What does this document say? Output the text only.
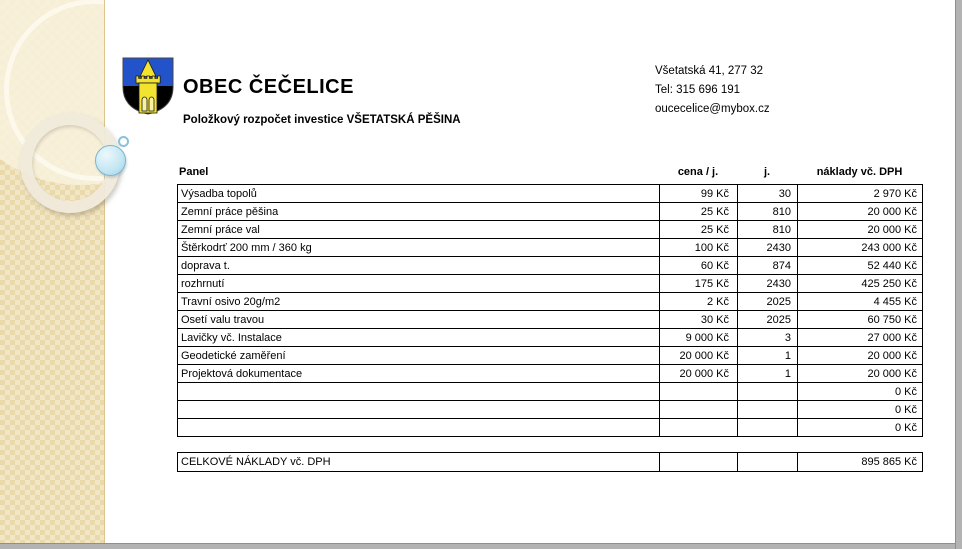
OBEC ČEČELICE
Položkový rozpočet investice VŠETATSKÁ PĚŠINA
Všetatská 41, 277 32
Tel: 315 696 191
oucecelice@mybox.cz
Panel	cena / j.	j.	náklady vč. DPH
Výsadba topolů	99 Kč	30	2 970 Kč
Zemní práce pěšina	25 Kč	810	20 000 Kč
Zemní práce val	25 Kč	810	20 000 Kč
Štěrkodrť 200 mm / 360 kg	100 Kč	2430	243 000 Kč
doprava t.	60 Kč	874	52 440 Kč
rozhrnutí	175 Kč	2430	425 250 Kč
Travní osivo 20g/m2	2 Kč	2025	4 455 Kč
Osetí valu travou	30 Kč	2025	60 750 Kč
Lavičky vč. Instalace	9 000 Kč	3	27 000 Kč
Geodetické zaměření	20 000 Kč	1	20 000 Kč
Projektová dokumentace	20 000 Kč	1	20 000 Kč
			0 Kč
			0 Kč
			0 Kč
CELKOVÉ NÁKLADY vč. DPH			895 865 Kč
